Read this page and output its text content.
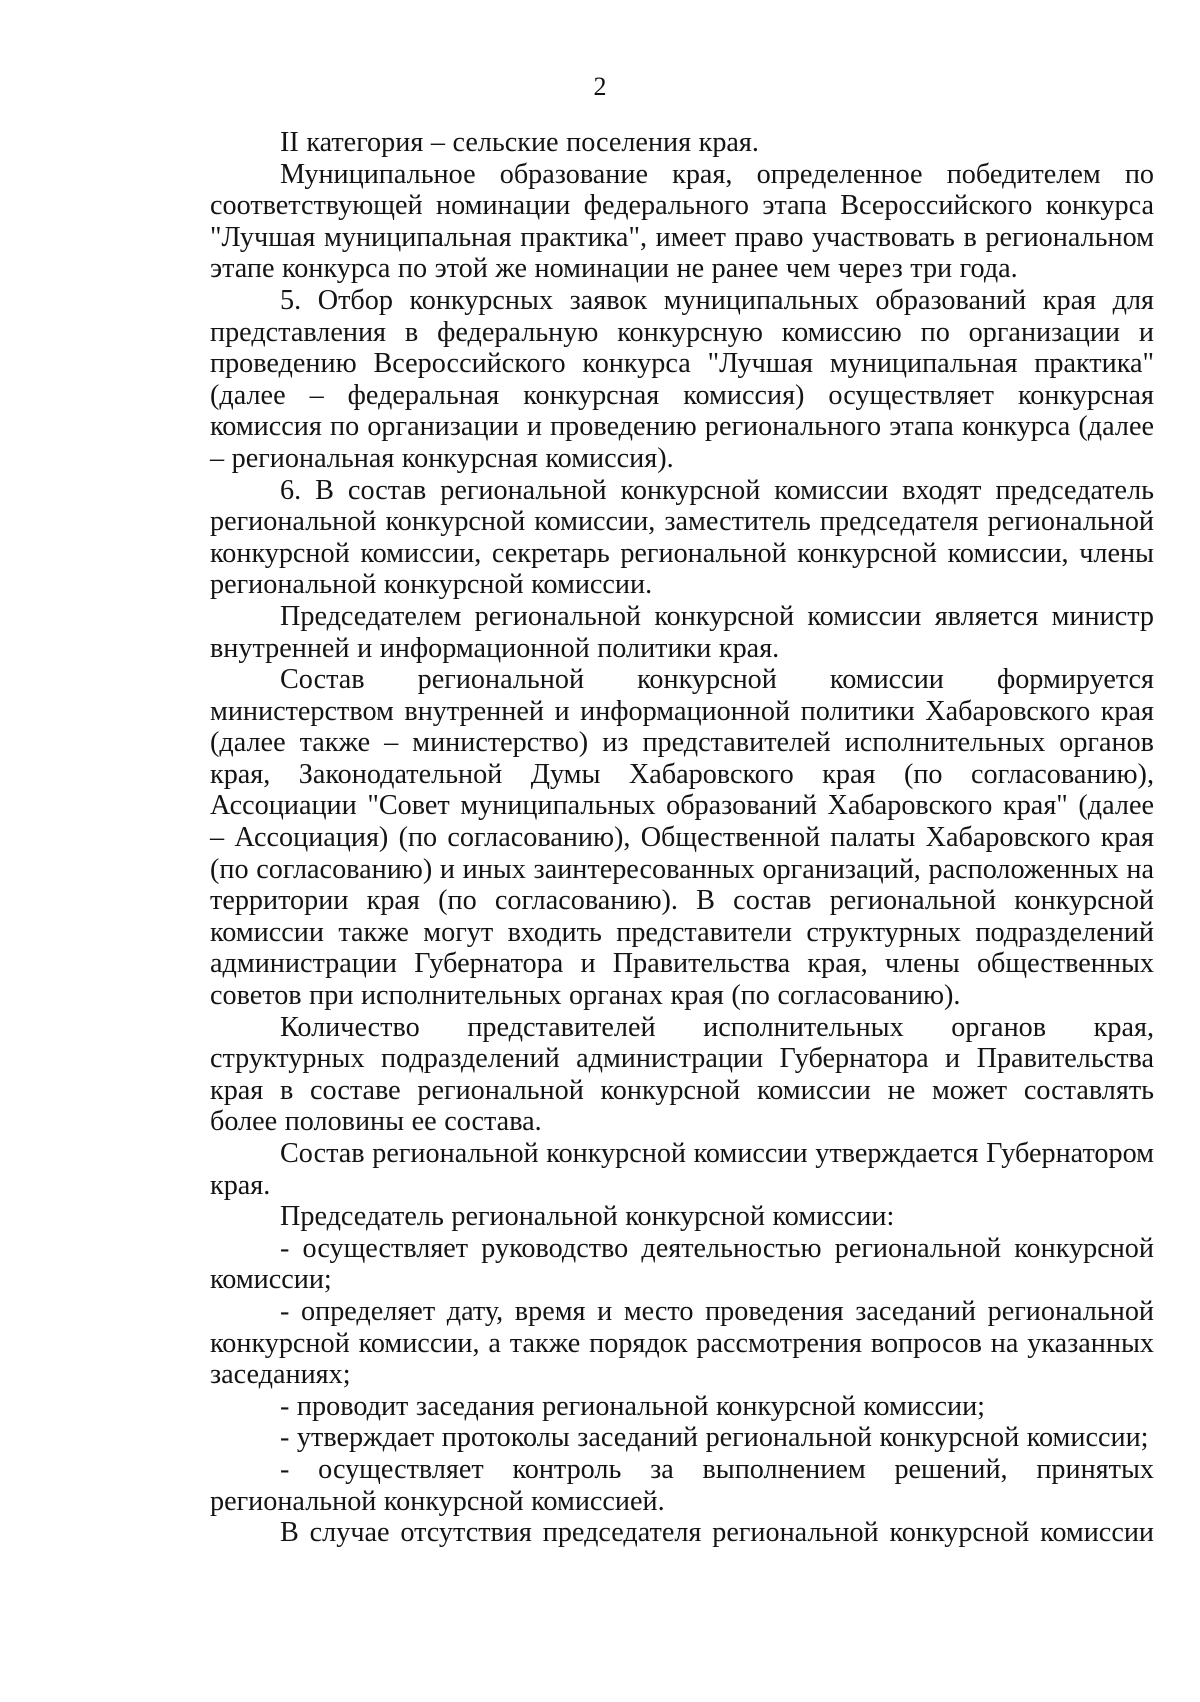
2

II категория – сельские поселения края.

Муниципальное образование края, определенное победителем по соответствующей номинации федерального этапа Всероссийского конкурса "Лучшая муниципальная практика", имеет право участвовать в региональном этапе конкурса по этой же номинации не ранее чем через три года.

5. Отбор конкурсных заявок муниципальных образований края для представления в федеральную конкурсную комиссию по организации и проведению Всероссийского конкурса "Лучшая муниципальная практика" (далее – федеральная конкурсная комиссия) осуществляет конкурсная комиссия по организации и проведению регионального этапа конкурса (далее – региональная конкурсная комиссия).

6. В состав региональной конкурсной комиссии входят председатель региональной конкурсной комиссии, заместитель председателя региональной конкурсной комиссии, секретарь региональной конкурсной комиссии, члены региональной конкурсной комиссии.

Председателем региональной конкурсной комиссии является министр внутренней и информационной политики края.

Состав региональной конкурсной комиссии формируется министерством внутренней и информационной политики Хабаровского края (далее также – министерство) из представителей исполнительных органов края, Законодательной Думы Хабаровского края (по согласованию), Ассоциации "Совет муниципальных образований Хабаровского края" (далее – Ассоциация) (по согласованию), Общественной палаты Хабаровского края (по согласованию) и иных заинтересованных организаций, расположенных на территории края (по согласованию). В состав региональной конкурсной комиссии также могут входить представители структурных подразделений администрации Губернатора и Правительства края, члены общественных советов при исполнительных органах края (по согласованию).

Количество представителей исполнительных органов края, структурных подразделений администрации Губернатора и Правительства края в составе региональной конкурсной комиссии не может составлять более половины ее состава.

Состав региональной конкурсной комиссии утверждается Губернатором края.

Председатель региональной конкурсной комиссии:

- осуществляет руководство деятельностью региональной конкурсной комиссии;

- определяет дату, время и место проведения заседаний региональной конкурсной комиссии, а также порядок рассмотрения вопросов на указанных заседаниях;

- проводит заседания региональной конкурсной комиссии;

- утверждает протоколы заседаний региональной конкурсной комиссии;

- осуществляет контроль за выполнением решений, принятых региональной конкурсной комиссией.

В случае отсутствия председателя региональной конкурсной комиссии
